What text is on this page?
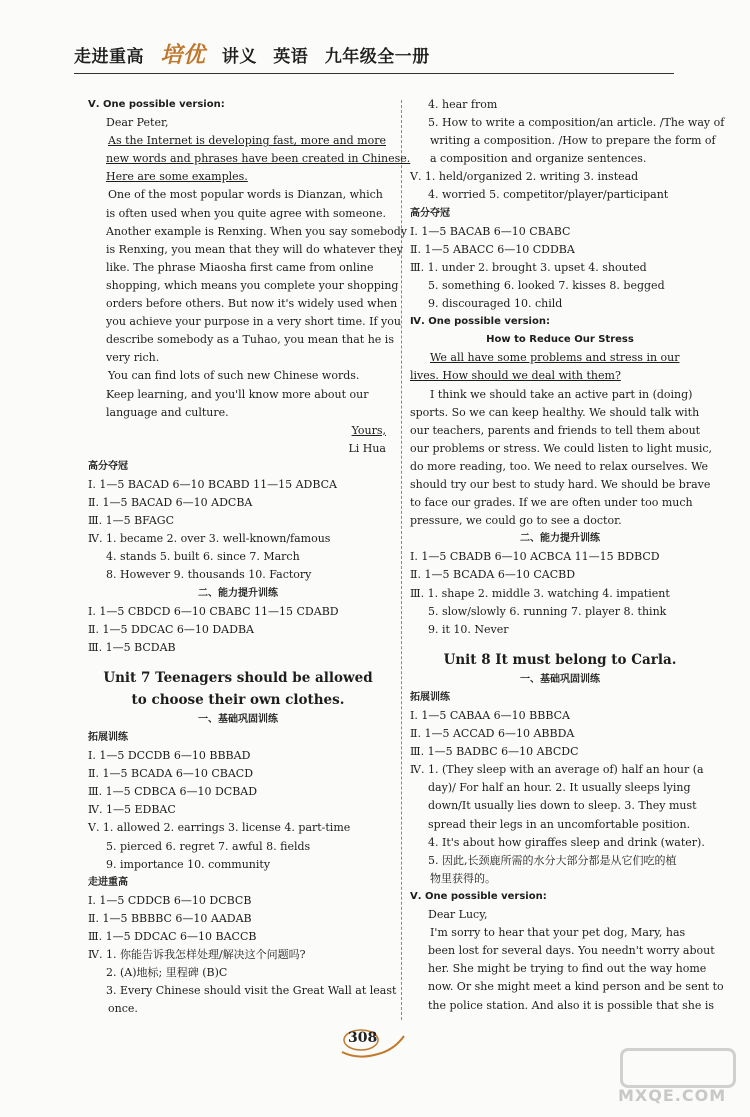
走进重高 培优 讲义 英语 九年级全一册
Ⅴ. One possible version:
Dear Peter,
As the Internet is developing fast, more and more
new words and phrases have been created in Chinese.
Here are some examples.
One of the most popular words is Dianzan, which
is often used when you quite agree with someone.
Another example is Renxing. When you say somebody
is Renxing, you mean that they will do whatever they
like. The phrase Miaosha first came from online
shopping, which means you complete your shopping
orders before others. But now it's widely used when
you achieve your purpose in a very short time. If you
describe somebody as a Tuhao, you mean that he is
very rich.
You can find lots of such new Chinese words.
Keep learning, and you'll know more about our
language and culture.
Yours,
Li Hua
高分夺冠
Ⅰ. 1—5 BACAD 6—10 BCABD 11—15 ADBCA
Ⅱ. 1—5 BACAD 6—10 ADCBA
Ⅲ. 1—5 BFAGC
Ⅳ. 1. became 2. over 3. well-known/famous
4. stands 5. built 6. since 7. March
8. However 9. thousands 10. Factory
二、能力提升训练
Ⅰ. 1—5 CBDCD 6—10 CBABC 11—15 CDABD
Ⅱ. 1—5 DDCAC 6—10 DADBA
Ⅲ. 1—5 BCDAB
Unit 7 Teenagers should be allowed
to choose their own clothes.
一、基础巩固训练
拓展训练
Ⅰ. 1—5 DCCDB 6—10 BBBAD
Ⅱ. 1—5 BCADA 6—10 CBACD
Ⅲ. 1—5 CDBCA 6—10 DCBAD
Ⅳ. 1—5 EDBAC
Ⅴ. 1. allowed 2. earrings 3. license 4. part-time
5. pierced 6. regret 7. awful 8. fields
9. importance 10. community
走进重高
Ⅰ. 1—5 CDDCB 6—10 DCBCB
Ⅱ. 1—5 BBBBC 6—10 AADAB
Ⅲ. 1—5 DDCAC 6—10 BACCB
Ⅳ. 1. 你能告诉我怎样处理/解决这个问题吗?
2. (A)地标; 里程碑 (B)C
3. Every Chinese should visit the Great Wall at least
once.
4. hear from
5. How to write a composition/an article. /The way of
writing a composition. /How to prepare the form of
a composition and organize sentences.
Ⅴ. 1. held/organized 2. writing 3. instead
4. worried 5. competitor/player/participant
高分夺冠
Ⅰ. 1—5 BACAB 6—10 CBABC
Ⅱ. 1—5 ABACC 6—10 CDDBA
Ⅲ. 1. under 2. brought 3. upset 4. shouted
5. something 6. looked 7. kisses 8. begged
9. discouraged 10. child
Ⅳ. One possible version:
How to Reduce Our Stress
We all have some problems and stress in our
lives. How should we deal with them?
I think we should take an active part in (doing)
sports. So we can keep healthy. We should talk with
our teachers, parents and friends to tell them about
our problems or stress. We could listen to light music,
do more reading, too. We need to relax ourselves. We
should try our best to study hard. We should be brave
to face our grades. If we are often under too much
pressure, we could go to see a doctor.
二、能力提升训练
Ⅰ. 1—5 CBADB 6—10 ACBCA 11—15 BDBCD
Ⅱ. 1—5 BCADA 6—10 CACBD
Ⅲ. 1. shape 2. middle 3. watching 4. impatient
5. slow/slowly 6. running 7. player 8. think
9. it 10. Never
Unit 8 It must belong to Carla.
一、基础巩固训练
拓展训练
Ⅰ. 1—5 CABAA 6—10 BBBCA
Ⅱ. 1—5 ACCAD 6—10 ABBDA
Ⅲ. 1—5 BADBC 6—10 ABCDC
Ⅳ. 1. (They sleep with an average of) half an hour (a
day)/ For half an hour. 2. It usually sleeps lying
down/It usually lies down to sleep. 3. They must
spread their legs in an uncomfortable position.
4. It's about how giraffes sleep and drink (water).
5. 因此,长颈鹿所需的水分大部分都是从它们吃的植
物里获得的。
Ⅴ. One possible version:
Dear Lucy,
I'm sorry to hear that your pet dog, Mary, has
been lost for several days. You needn't worry about
her. She might be trying to find out the way home
now. Or she might meet a kind person and be sent to
the police station. And also it is possible that she is
308
MXQE.COM
